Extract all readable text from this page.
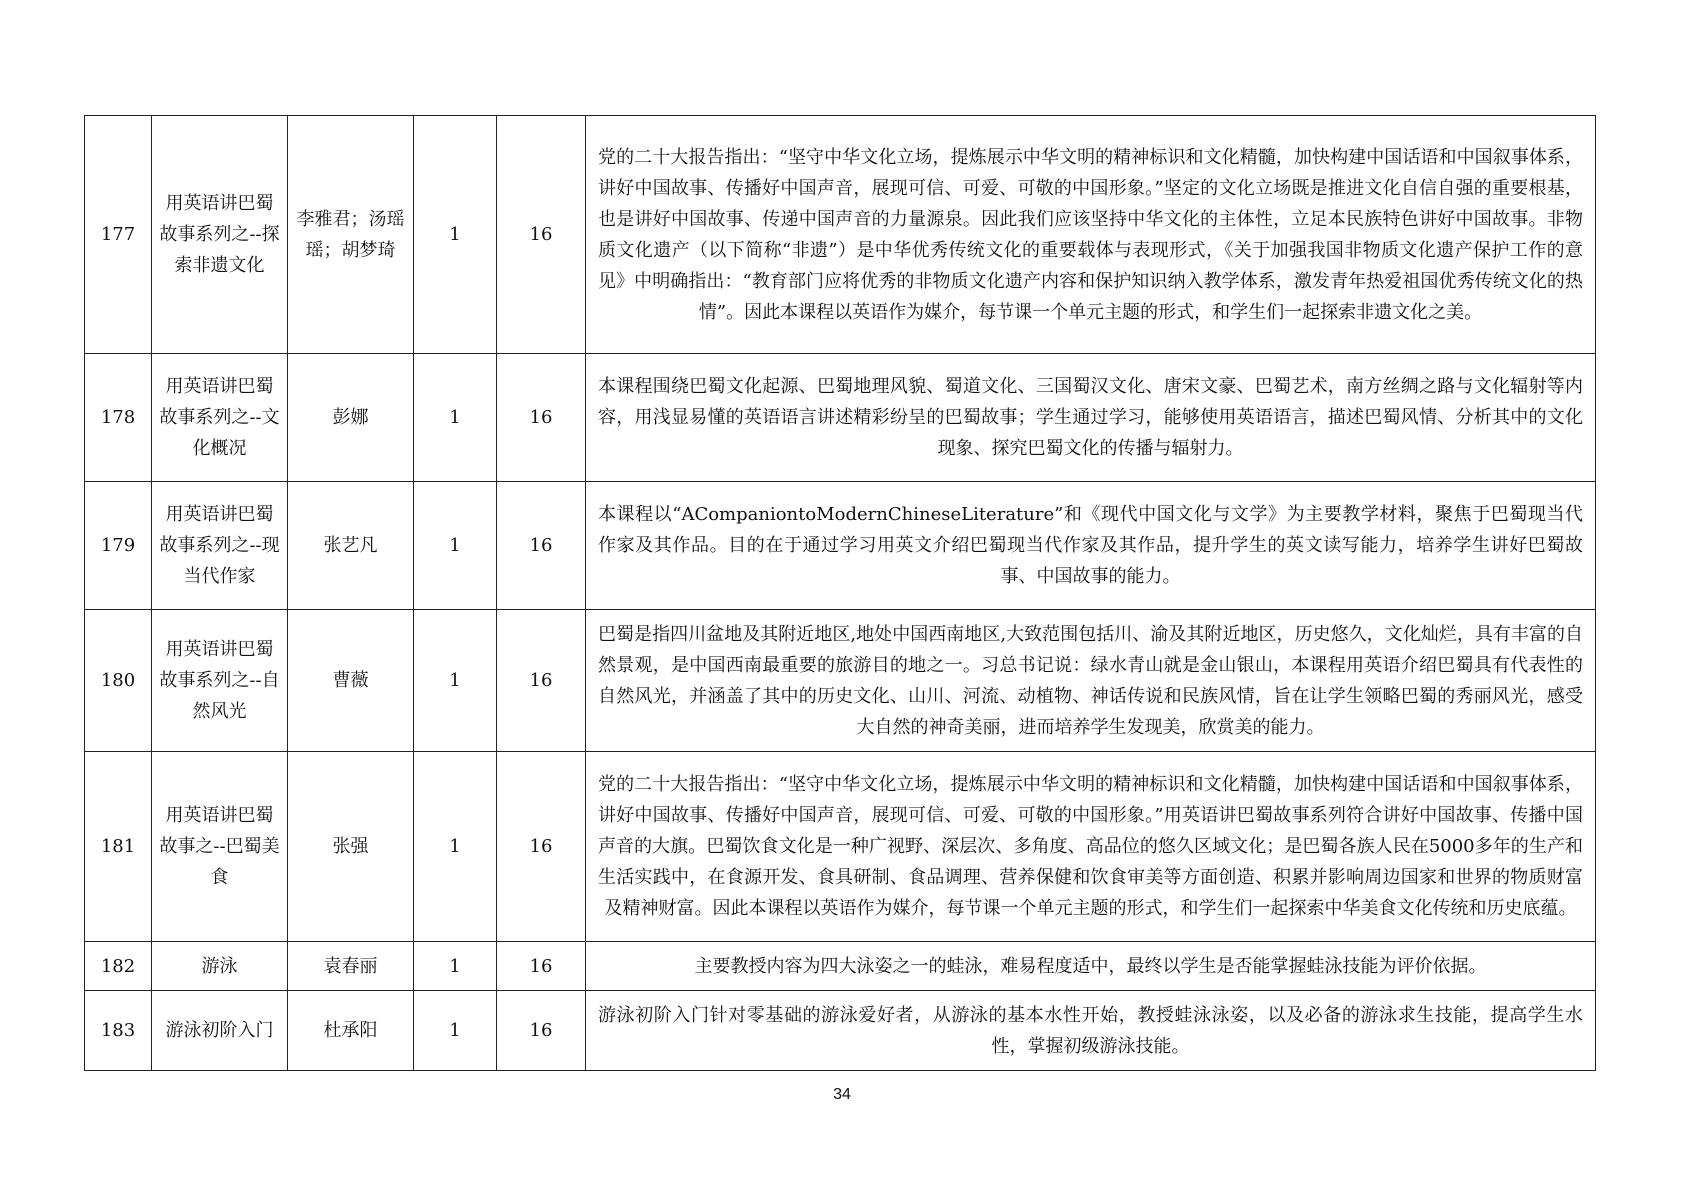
177	用英语讲巴蜀故事系列之--探索非遗文化	李雅君；汤瑶瑶；胡梦琦	1	16	党的二十大报告指出：“坚守中华文化立场，提炼展示中华文明的精神标识和文化精髓，加快构建中国话语和中国叙事体系，讲好中国故事、传播好中国声音，展现可信、可爱、可敬的中国形象。”坚定的文化立场既是推进文化自信自强的重要根基，也是讲好中国故事、传递中国声音的力量源泉。因此我们应该坚持中华文化的主体性，立足本民族特色讲好中国故事。非物质文化遗产（以下简称“非遗”）是中华优秀传统文化的重要载体与表现形式，《关于加强我国非物质文化遗产保护工作的意见》中明确指出：“教育部门应将优秀的非物质文化遗产内容和保护知识纳入教学体系，激发青年热爱祖国优秀传统文化的热情”。因此本课程以英语作为媒介，每节课一个单元主题的形式，和学生们一起探索非遗文化之美。
178	用英语讲巴蜀故事系列之--文化概况	彭娜	1	16	本课程围绕巴蜀文化起源、巴蜀地理风貌、蜀道文化、三国蜀汉文化、唐宋文豪、巴蜀艺术，南方丝绸之路与文化辐射等内容，用浅显易懂的英语语言讲述精彩纷呈的巴蜀故事；学生通过学习，能够使用英语语言，描述巴蜀风情、分析其中的文化现象、探究巴蜀文化的传播与辐射力。
179	用英语讲巴蜀故事系列之--现当代作家	张艺凡	1	16	本课程以“ACompaniontoModernChineseLiterature”和《现代中国文化与文学》为主要教学材料，聚焦于巴蜀现当代作家及其作品。目的在于通过学习用英文介绍巴蜀现当代作家及其作品，提升学生的英文读写能力，培养学生讲好巴蜀故事、中国故事的能力。
180	用英语讲巴蜀故事系列之--自然风光	曹薇	1	16	巴蜀是指四川盆地及其附近地区,地处中国西南地区,大致范围包括川、渝及其附近地区，历史悠久，文化灿烂，具有丰富的自然景观，是中国西南最重要的旅游目的地之一。习总书记说：绿水青山就是金山银山，本课程用英语介绍巴蜀具有代表性的自然风光，并涵盖了其中的历史文化、山川、河流、动植物、神话传说和民族风情，旨在让学生领略巴蜀的秀丽风光，感受大自然的神奇美丽，进而培养学生发现美，欣赏美的能力。
181	用英语讲巴蜀故事之--巴蜀美食	张强	1	16	党的二十大报告指出：“坚守中华文化立场，提炼展示中华文明的精神标识和文化精髓，加快构建中国话语和中国叙事体系，讲好中国故事、传播好中国声音，展现可信、可爱、可敬的中国形象。”用英语讲巴蜀故事系列符合讲好中国故事、传播中国声音的大旗。巴蜀饮食文化是一种广视野、深层次、多角度、高品位的悠久区域文化；是巴蜀各族人民在5000多年的生产和生活实践中，在食源开发、食具研制、食品调理、营养保健和饮食审美等方面创造、积累并影响周边国家和世界的物质财富及精神财富。因此本课程以英语作为媒介，每节课一个单元主题的形式，和学生们一起探索中华美食文化传统和历史底蕴。
182	游泳	袁春丽	1	16	主要教授内容为四大泳姿之一的蛙泳，难易程度适中，最终以学生是否能掌握蛙泳技能为评价依据。
183	游泳初阶入门	杜承阳	1	16	游泳初阶入门针对零基础的游泳爱好者，从游泳的基本水性开始，教授蛙泳泳姿，以及必备的游泳求生技能，提高学生水性，掌握初级游泳技能。
34
